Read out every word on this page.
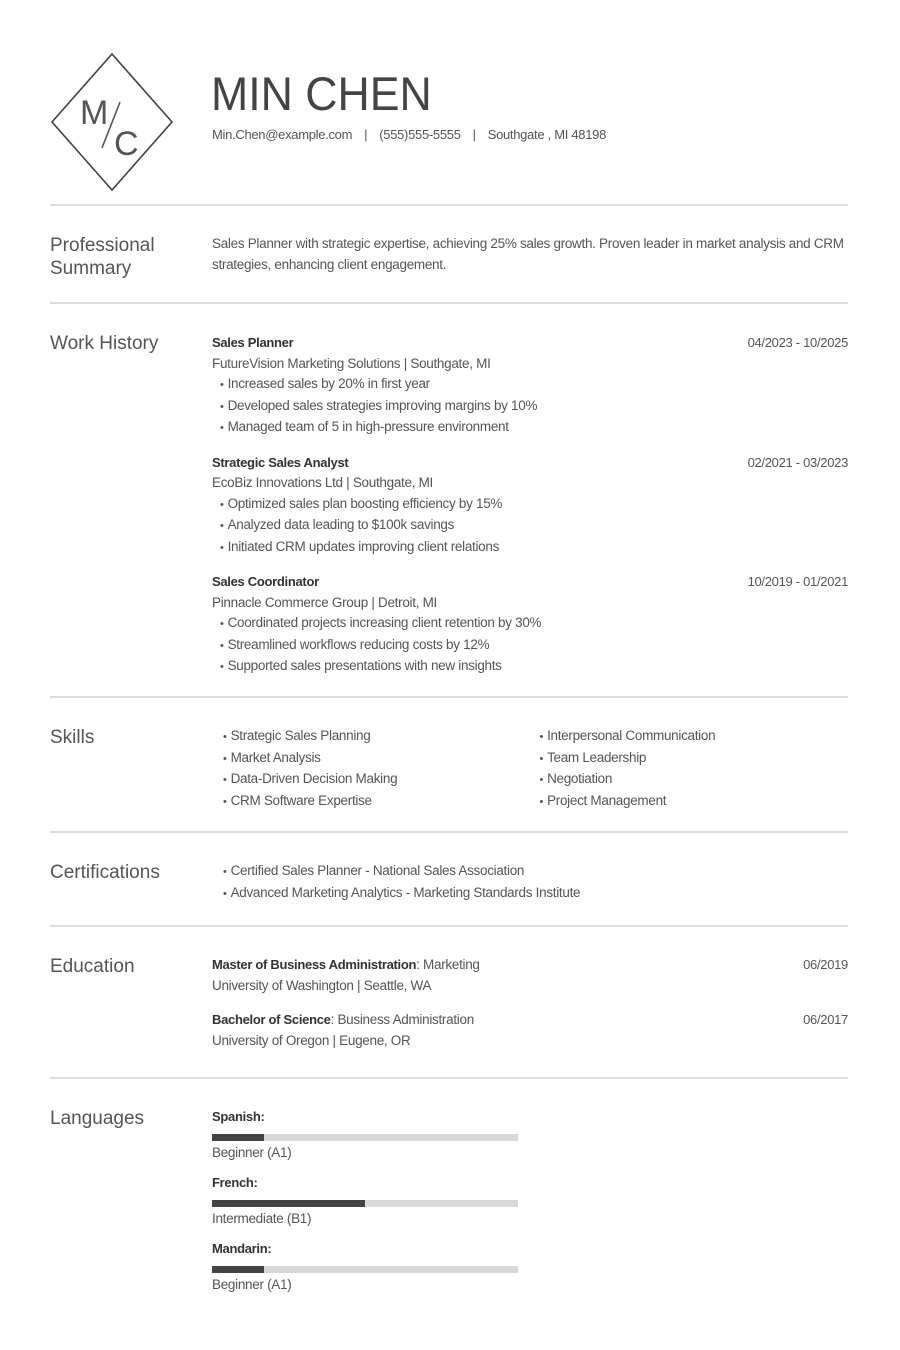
M
C
MIN CHEN
Min.Chen@example.com | (555)555-5555 | Southgate , MI 48198
Professional
Summary
Sales Planner with strategic expertise, achieving 25% sales growth. Proven leader in market analysis and CRM strategies, enhancing client engagement.
Work History	Sales Planner	04/2023 - 10/2025
FutureVision Marketing Solutions | Southgate, MI
• Increased sales by 20% in first year
• Developed sales strategies improving margins by 10%
• Managed team of 5 in high-pressure environment
Strategic Sales Analyst	02/2021 - 03/2023
EcoBiz Innovations Ltd | Southgate, MI
• Optimized sales plan boosting efficiency by 15%
• Analyzed data leading to $100k savings
• Initiated CRM updates improving client relations
Sales Coordinator	10/2019 - 01/2021
Pinnacle Commerce Group | Detroit, MI
• Coordinated projects increasing client retention by 30%
• Streamlined workflows reducing costs by 12%
• Supported sales presentations with new insights
Skills	• Strategic Sales Planning
• Market Analysis
• Data-Driven Decision Making
• CRM Software Expertise
• Interpersonal Communication
• Team Leadership
• Negotiation
• Project Management
Certifications	• Certified Sales Planner - National Sales Association
• Advanced Marketing Analytics - Marketing Standards Institute
Education	Master of Business Administration: Marketing	06/2019
University of Washington | Seattle, WA
Bachelor of Science: Business Administration	06/2017
University of Oregon | Eugene, OR
Languages	Spanish:
Beginner (A1)
French:
Intermediate (B1)
Mandarin:
Beginner (A1)
